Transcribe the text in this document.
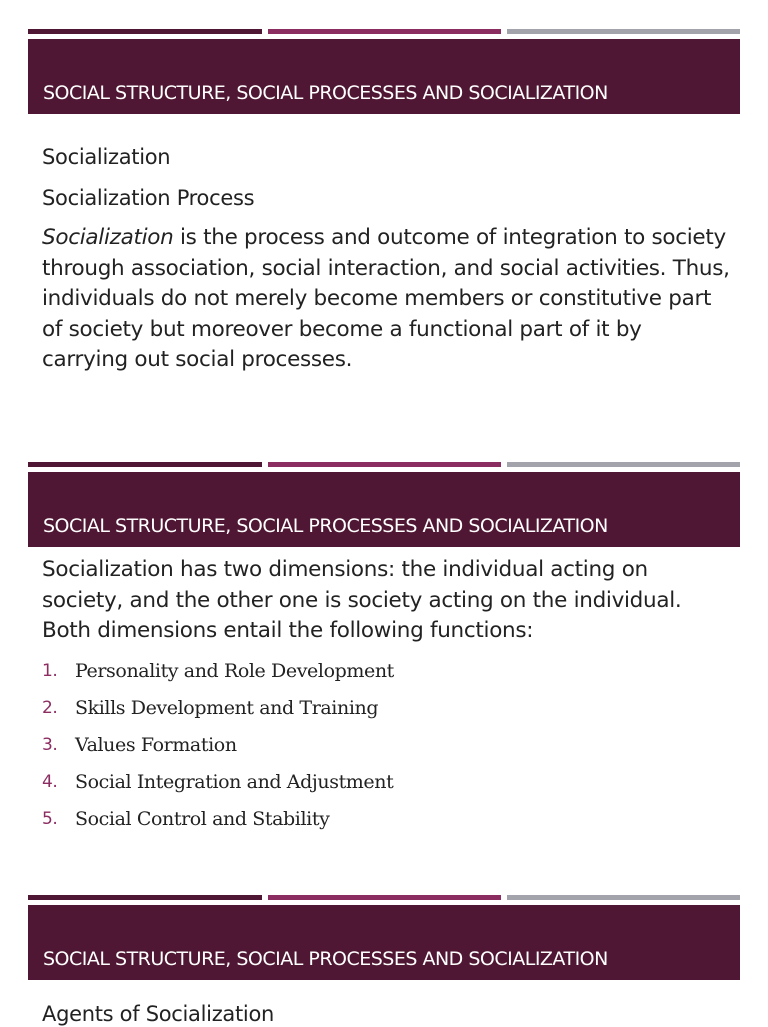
SOCIAL STRUCTURE, SOCIAL PROCESSES AND SOCIALIZATION

Socialization

Socialization Process

Socialization is the process and outcome of integration to society through association, social interaction, and social activities. Thus, individuals do not merely become members or constitutive part of society but moreover become a functional part of it by carrying out social processes.

SOCIAL STRUCTURE, SOCIAL PROCESSES AND SOCIALIZATION

Socialization has two dimensions: the individual acting on society, and the other one is society acting on the individual. Both dimensions entail the following functions:

1. Personality and Role Development
2. Skills Development and Training
3. Values Formation
4. Social Integration and Adjustment
5. Social Control and Stability
SOCIAL STRUCTURE, SOCIAL PROCESSES AND SOCIALIZATION

Agents of Socialization
